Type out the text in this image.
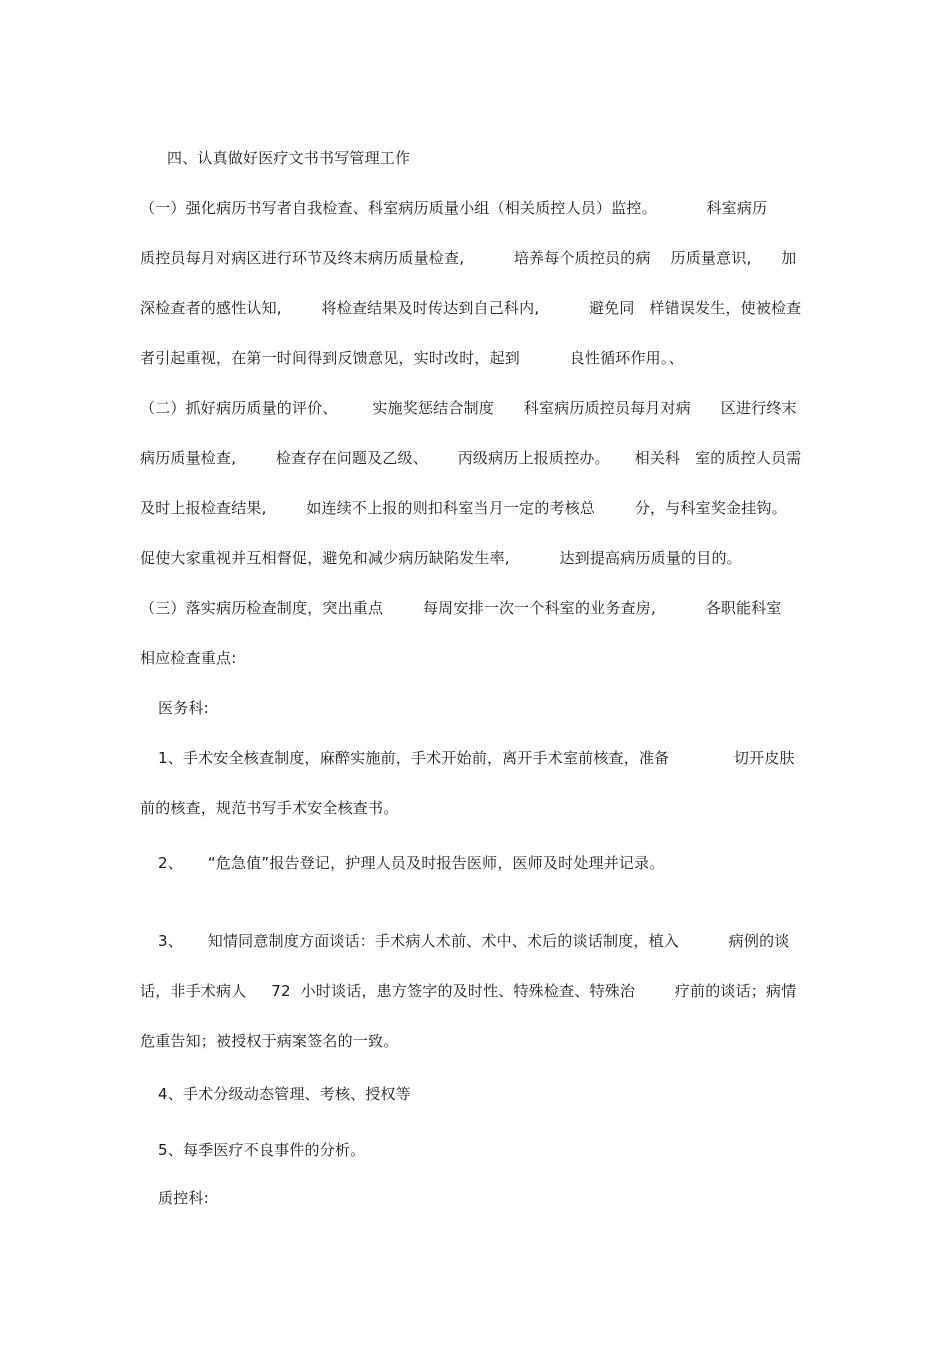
四、认真做好医疗文书书写管理工作
（一）强化病历书写者自我检查、科室病历质量小组（相关质控人员）监控。          科室病历
质控员每月对病区进行环节及终末病历质量检查,          培养每个质控员的病    历质量意识,      加
深检查者的感性认知,        将检查结果及时传达到自己科内,          避免同   样错误发生，使被检查
者引起重视，在第一时间得到反馈意见，实时改时，起到          良性循环作用。、
（二）抓好病历质量的评价、       实施奖惩结合制度      科室病历质控员每月对病      区进行终末
病历质量检查,        检查存在问题及乙级、      丙级病历上报质控办。     相关科   室的质控人员需
及时上报检查结果,        如连续不上报的则扣科室当月一定的考核总        分，与科室奖金挂钩。
促使大家重视并互相督促，避免和减少病历缺陷发生率,          达到提高病历质量的目的。
（三）落实病历检查制度，突出重点        每周安排一次一个科室的业务查房,          各职能科室
相应检查重点:
医务科:
1、手术安全核查制度，麻醉实施前，手术开始前，离开手术室前核查，准备             切开皮肤
前的核查，规范书写手术安全核查书。
2、     “危急值”报告登记，护理人员及时报告医师，医师及时处理并记录。
3、     知情同意制度方面谈话：手术病人术前、术中、术后的谈话制度，植入          病例的谈
话，非手术病人     72  小时谈话，患方签字的及时性、特殊检查、特殊治        疗前的谈话；病情
危重告知；被授权于病案签名的一致。
4、手术分级动态管理、考核、授权等
5、每季医疗不良事件的分析。
质控科:
